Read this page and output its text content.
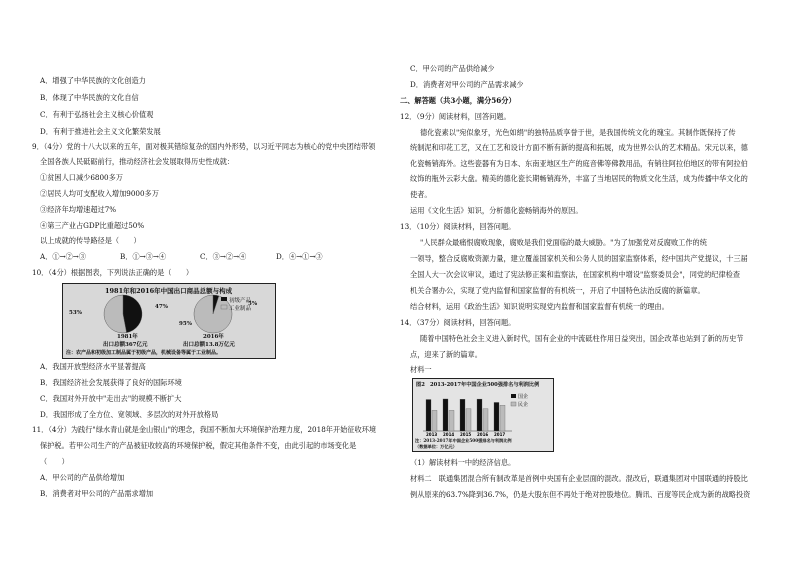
A．增强了中华民族的文化创造力
B．体现了中华民族的文化自信
C．有利于弘扬社会主义核心价值观
D．有利于推进社会主义文化繁荣发展
9．（4分）党的十八大以来的五年，面对极其错综复杂的国内外形势，以习近平同志为核心的党中央团结带领
全国各族人民砥砺前行，推动经济社会发展取得历史性成就：
①贫困人口减少6800多万
②居民人均可支配收入增加9000多万
③经济年均增速超过7%
④第三产业占GDP比重超过50%
以上成就的传导路径是（　　）
A．①→②→③	B．①→③→④	C．③→②→④	D．④→①→③
10．（4分）根据图表，下列说法正确的是（　　）
1981年和2016年中国出口商品总额与构成
初级产品
工业制品
47%
53%
5%
95%
1981年	2016年
出口总额367亿元	出口总额13.8万亿元
注：农产品和初级加工制品属于初级产品，机械设备等属于工业制品。
A．我国开放型经济水平显著提高
B．我国经济社会发展获得了良好的国际环境
C．我国对外开放中"走出去"的规模不断扩大
D．我国形成了全方位、宽领域、多层次的对外开放格局
11．（4分）为践行"绿水青山就是金山银山"的理念，我国不断加大环境保护治理力度，2018年开始征收环境
保护税。若甲公司生产的产品被征收较高的环境保护税，假定其他条件不变，由此引起的市场变化是
（　　）
A．甲公司的产品供给增加
B．消费者对甲公司的产品需求增加
C．甲公司的产品供给减少
D．消费者对甲公司的产品需求减少
二、解答题（共3小题，满分56分）
12．（9分）阅读材料，回答问题。
德化瓷素以"宛似象牙，光色如绢"的独特品质享誉于世，是我国传统文化的瑰宝。其制作既保持了传
统制泥和印花工艺，又在工艺和设计方面不断有新的提高和拓展，成为世界公认的艺术精品。宋元以来，德
化瓷畅销海外。这些瓷器有为日本、东南亚地区生产的庭音佛等佛教用品，有销往阿拉伯地区的带有阿拉伯
纹饰的瓶外云彩大盘。精美的德化瓷长期畅销海外，丰富了当地居民的物质文化生活，成为传播中华文化的
使者。
运用《文化生活》知识，分析德化瓷畅销海外的原因。
13．（10分）阅读材料，回答问题。
"人民群众最痛恨腐败现象，腐败是我们党面临的最大威胁。"为了加强党对反腐败工作的统
一领导，整合反腐败资源力量，建立覆盖国家机关和公务人员的国家监察体系，经中国共产党提议，十三届
全国人大一次会议审议，通过了宪法修正案和监察法，在国家机构中增设"监察委员会"，同党的纪律检查
机关合署办公，实现了党内监督和国家监督的有机统一，开启了中国特色法治反腐的新篇章。
结合材料，运用《政治生活》知识说明实现党内监督和国家监督有机统一的理由。
14．（37分）阅读材料，回答问题。
随着中国特色社会主义进入新时代，国有企业的中流砥柱作用日益突出，国企改革也站到了新的历史节
点，迎来了新的篇章。
材料一
图2　2013-2017年中国企业500强排名与利润比例
2013 2014 2015 2016 2017
国企
民企
注：2013-2017年中国企业500强排名与利润比例
（数据单位：万亿元）
（1）解读材料一中的经济信息。
材料二　联通集团混合所有制改革是首例中央国有企业层面的混改。混改后，联通集团对中国联通的持股比
例从原来的63.7%降到36.7%，仍是大股东但不再处于绝对控股地位。腾讯、百度等民企成为新的战略投资
